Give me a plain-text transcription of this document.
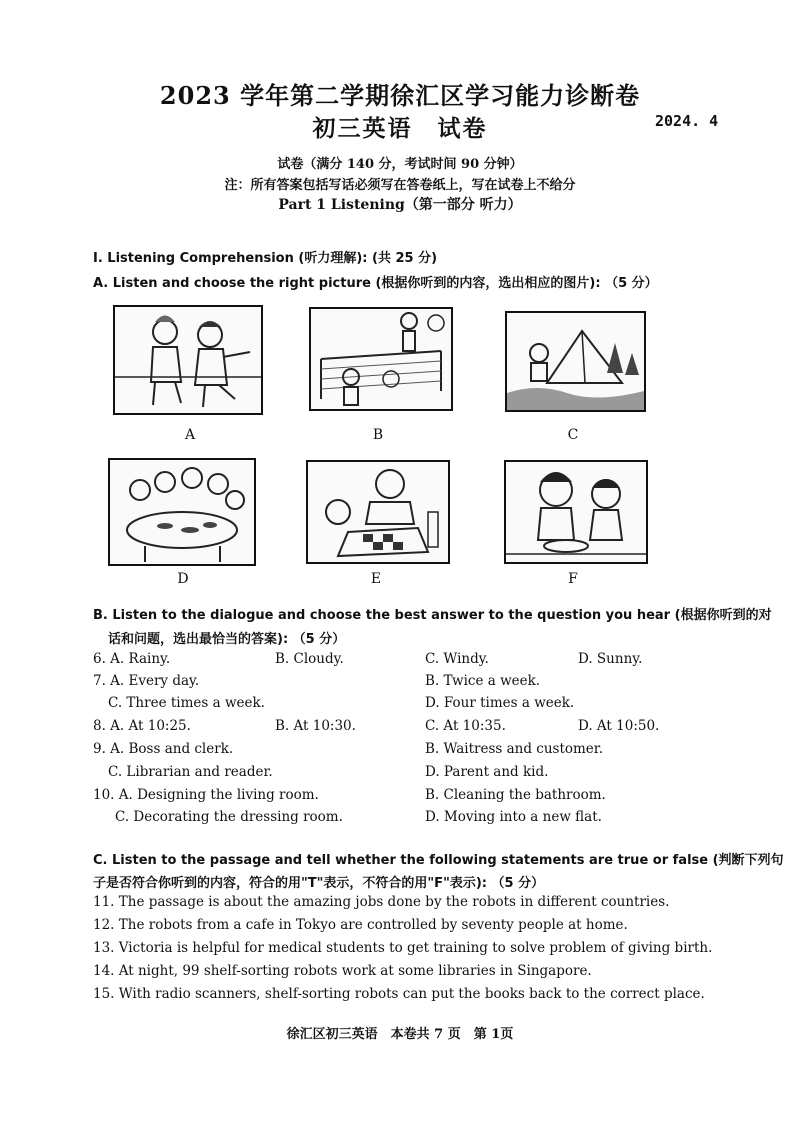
2023 学年第二学期徐汇区学习能力诊断卷
初三英语　试卷	2024. 4
试卷（满分 140 分，考试时间 90 分钟）
注：所有答案包括写话必须写在答卷纸上，写在试卷上不给分
Part 1 Listening（第一部分 听力）
I. Listening Comprehension (听力理解): (共 25 分)
A. Listen and choose the right picture (根据你听到的内容，选出相应的图片): （5 分）
A	B	C
D	E	F
B. Listen to the dialogue and choose the best answer to the question you hear (根据你听到的对
话和问题，选出最恰当的答案): （5 分）
6. A. Rainy.	B. Cloudy.	C. Windy.	D. Sunny.
7. A. Every day.	B. Twice a week.
C. Three times a week.	D. Four times a week.
8. A. At 10:25.	B. At 10:30.	C. At 10:35.	D. At 10:50.
9. A. Boss and clerk.	B. Waitress and customer.
C. Librarian and reader.	D. Parent and kid.
10. A. Designing the living room.	B. Cleaning the bathroom.
C. Decorating the dressing room.	D. Moving into a new flat.
C. Listen to the passage and tell whether the following statements are true or false (判断下列句
子是否符合你听到的内容，符合的用"T"表示，不符合的用"F"表示): （5 分）
11. The passage is about the amazing jobs done by the robots in different countries.
12. The robots from a cafe in Tokyo are controlled by seventy people at home.
13. Victoria is helpful for medical students to get training to solve problem of giving birth.
14. At night, 99 shelf-sorting robots work at some libraries in Singapore.
15. With radio scanners, shelf-sorting robots can put the books back to the correct place.
徐汇区初三英语　本卷共 7 页　第 1页
